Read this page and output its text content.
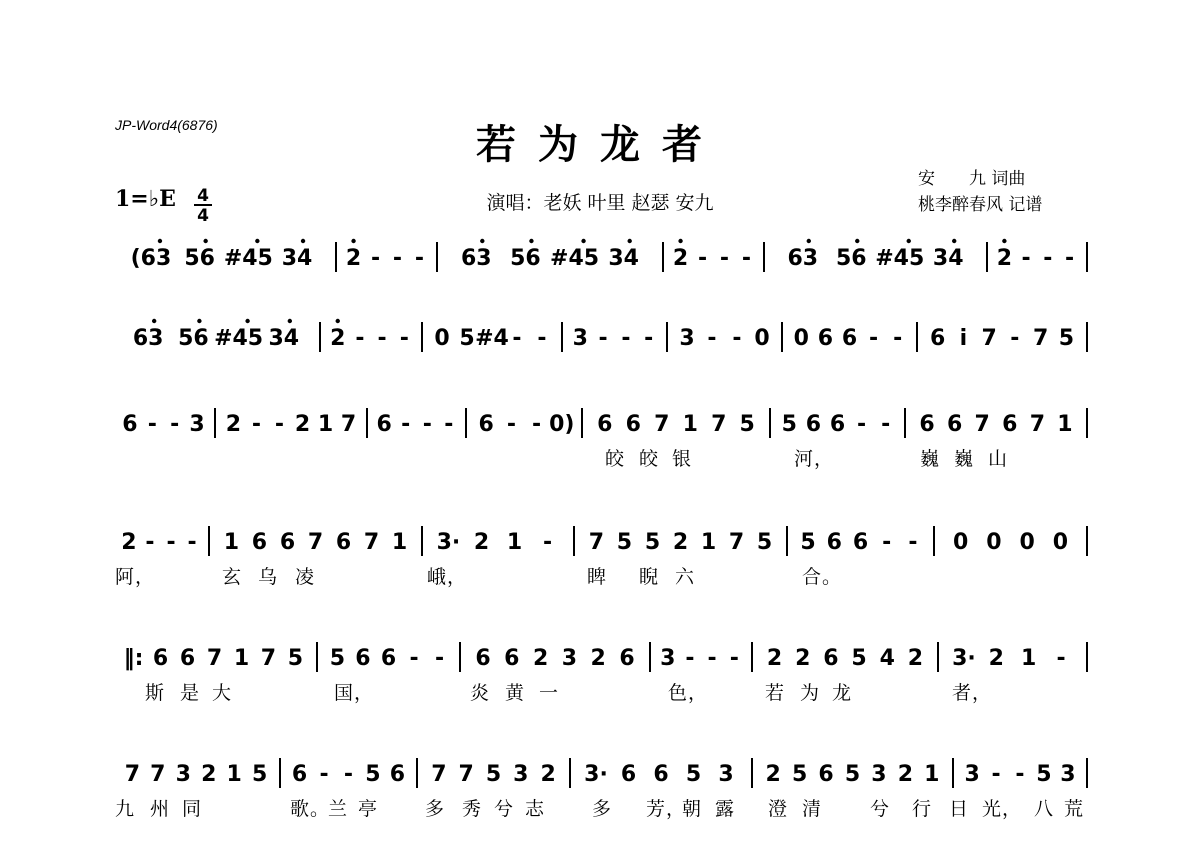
JP-Word4(6876)	若为龙者
1=♭E 4
4
演唱：老妖 叶里 赵瑟 安九
安　　九 词曲
桃李醉春风 记谱
(63 56 #45 34 2 - - - 63 56 #45 34 2 - - - 63 56 #45 34 2 - - -
63 56 #45 34 2 - - - 0 5 #4 - - 3 - - - 3 - - 0 0 6 6 - - 6 i 7 - 7 5
6 - - 3 2 - - 2 1 7 6 - - - 6 - - 0) 6 6 7 1 7 5 5 6 6 - - 6 6 7 6 7 1
皎 皎 银	河，	巍 巍 山
2 - - - 1 6 6 7 6 7 1 3· 2 1 - 7 5 5 2 1 7 5 5 6 6 - - 0 0 0 0
阿，	玄 乌 凌	峨，	睥 睨 六	合。
‖: 6 6 7 1 7 5 5 6 6 - - 6 6 2 3 2 6 3 - - - 2 2 6 5 4 2 3· 2 1 -
斯 是 大	国，	炎 黄 一	色，	若 为 龙	者，
7 7 3 2 1 5 6 - - 5 6 7 7 5 3 2 3· 6 6 5 3 2 5 6 5 3 2 1 3 - - 5 3
九 州 同	歌。
兰 亭 多 秀 兮 志 多 芳，
朝 露 澄 清	兮 行 日 光， 八 荒
